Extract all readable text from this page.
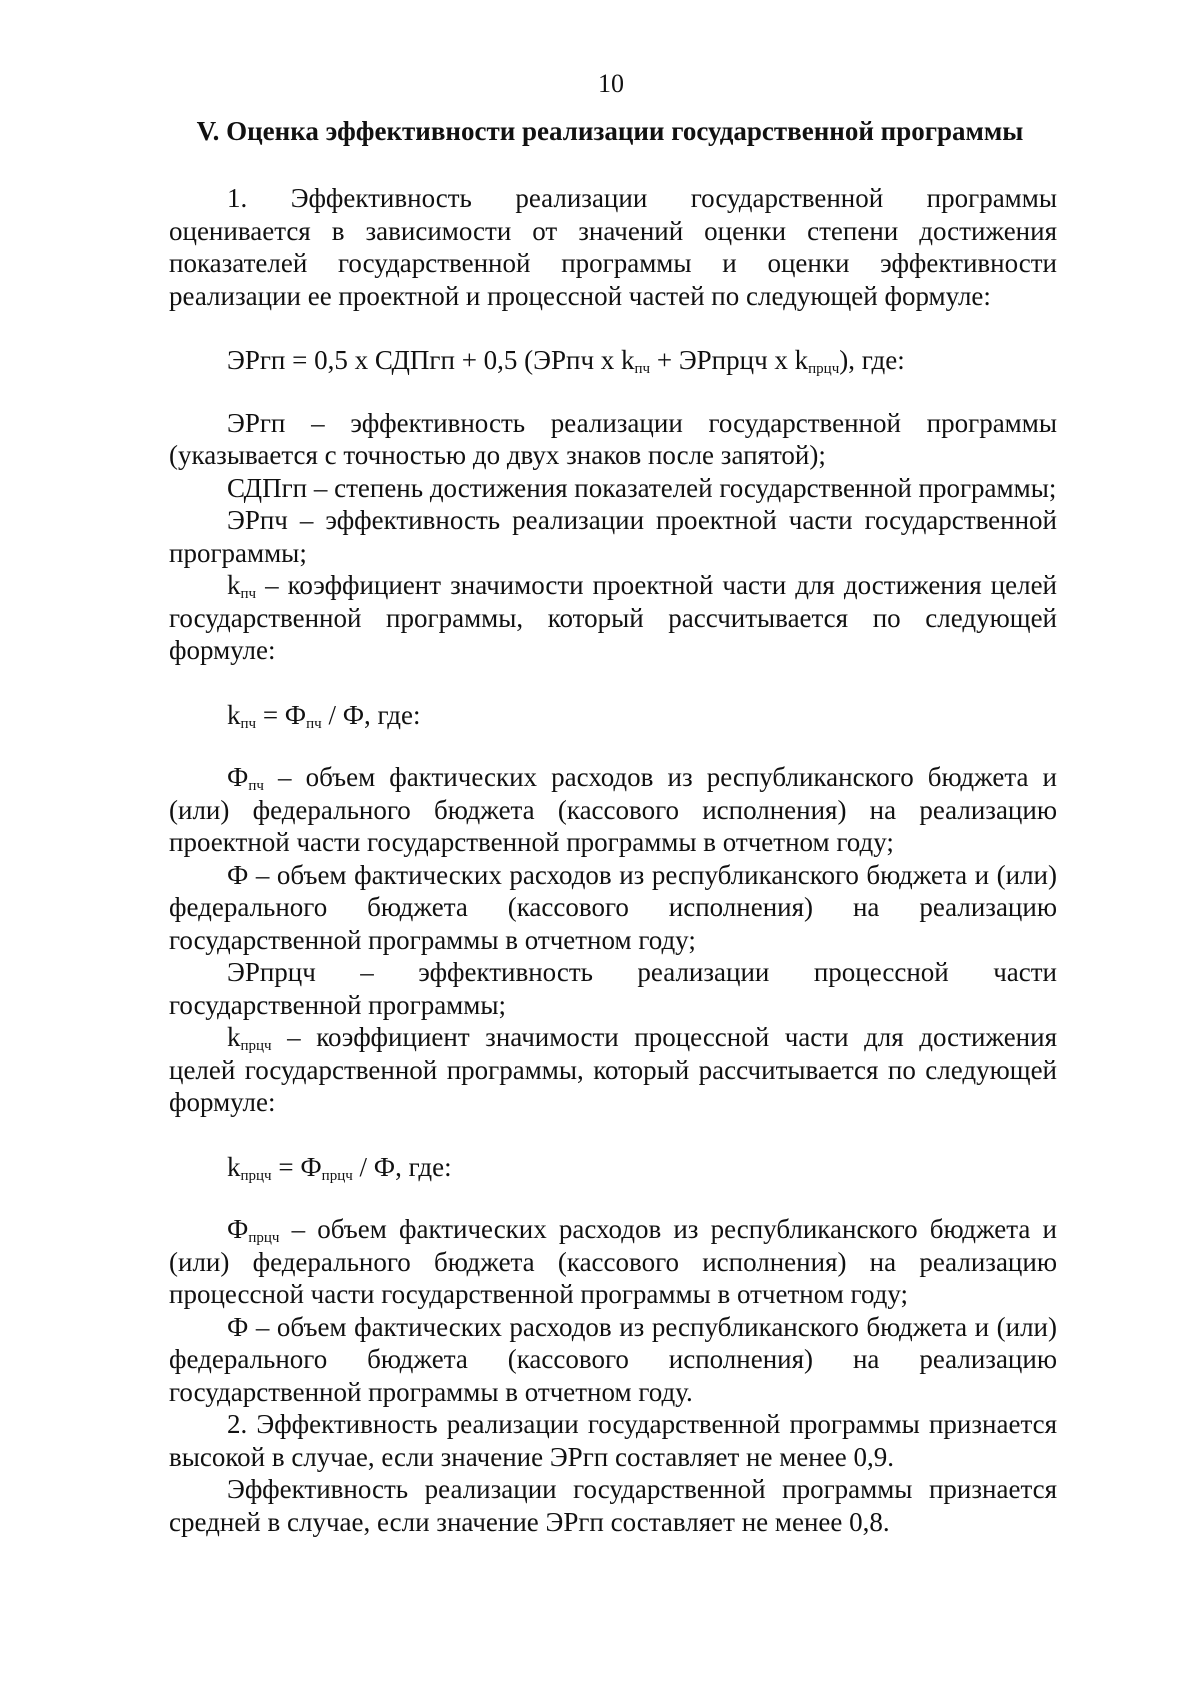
10
V. Оценка эффективности реализации государственной программы

1. Эффективность реализации государственной программы оценивается в зависимости от значений оценки степени достижения показателей государственной программы и оценки эффективности реализации ее проектной и процессной частей по следующей формуле:

ЭРгп = 0,5 х СДПгп + 0,5 (ЭРпч х $k_{пч}$ + ЭРпрцч х $k_{прцч}$), где:

ЭРгп – эффективность реализации государственной программы (указывается с точностью до двух знаков после запятой);

СДПгп – степень достижения показателей государственной программы;

ЭРпч – эффективность реализации проектной части государственной программы;

$k_{пч}$ – коэффициент значимости проектной части для достижения целей государственной программы, который рассчитывается по следующей формуле:

$k_{пч} = Ф_{пч} / Ф$, где:

$Ф_{пч}$ – объем фактических расходов из республиканского бюджета и (или) федерального бюджета (кассового исполнения) на реализацию проектной части государственной программы в отчетном году;

Ф – объем фактических расходов из республиканского бюджета и (или) федерального бюджета (кассового исполнения) на реализацию государственной программы в отчетном году;

ЭРпрцч – эффективность реализации процессной части государственной программы;

$k_{прцч}$ – коэффициент значимости процессной части для достижения целей государственной программы, который рассчитывается по следующей формуле:

$k_{прцч} = Ф_{прцч} / Ф$, где:

$Ф_{прцч}$ – объем фактических расходов из республиканского бюджета и (или) федерального бюджета (кассового исполнения) на реализацию процессной части государственной программы в отчетном году;

Ф – объем фактических расходов из республиканского бюджета и (или) федерального бюджета (кассового исполнения) на реализацию государственной программы в отчетном году.

2. Эффективность реализации государственной программы признается высокой в случае, если значение ЭРгп составляет не менее 0,9.

Эффективность реализации государственной программы признается средней в случае, если значение ЭРгп составляет не менее 0,8.
